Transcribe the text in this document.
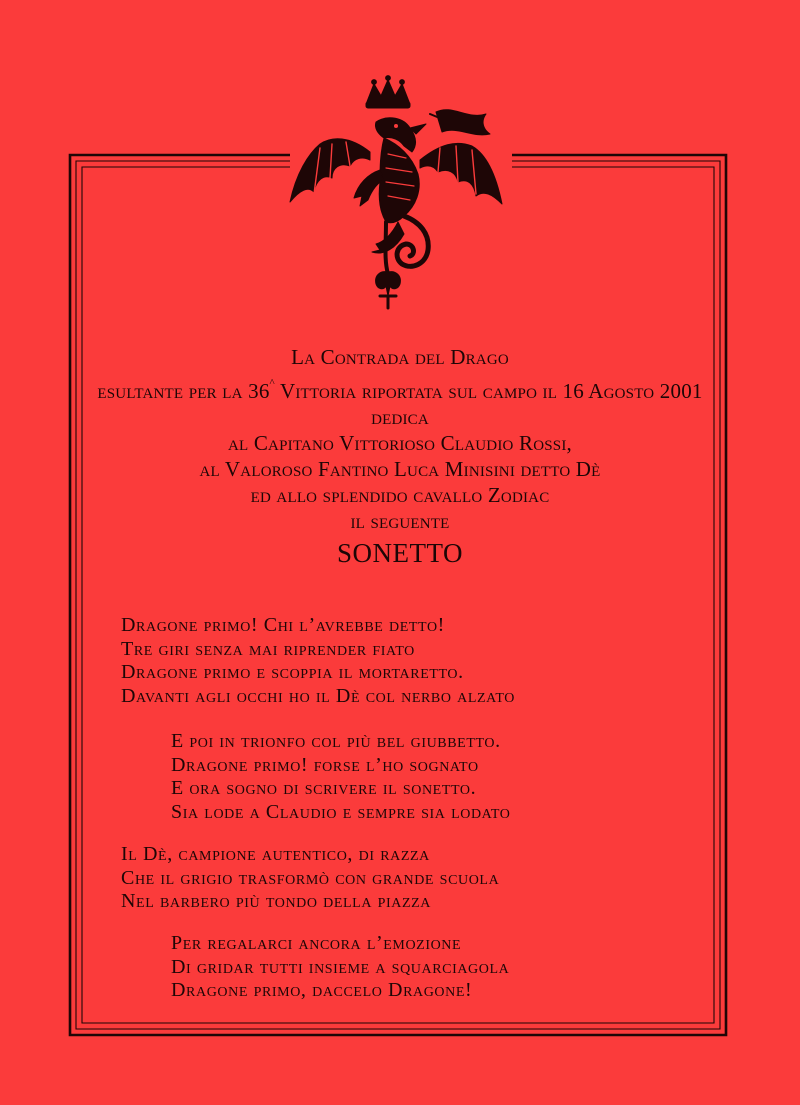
La Contrada del Drago
esultante per la 36^ Vittoria riportata sul campo il 16 Agosto 2001
dedica
al Capitano Vittorioso Claudio Rossi,
al Valoroso Fantino Luca Minisini detto Dè
ed allo splendido cavallo Zodiac
il seguente
SONETTO
Dragone primo! Chi l’avrebbe detto!
Tre giri senza mai riprender fiato
Dragone primo e scoppia il mortaretto.
Davanti agli occhi ho il Dè col nerbo alzato
E poi in trionfo col più bel giubbetto.
Dragone primo! forse l’ho sognato
E ora sogno di scrivere il sonetto.
Sia lode a Claudio e sempre sia lodato
Il Dè, campione autentico, di razza
Che il grigio trasformò con grande scuola
Nel barbero più tondo della piazza
Per regalarci ancora l’emozione
Di gridar tutti insieme a squarciagola
Dragone primo, daccelo Dragone!
